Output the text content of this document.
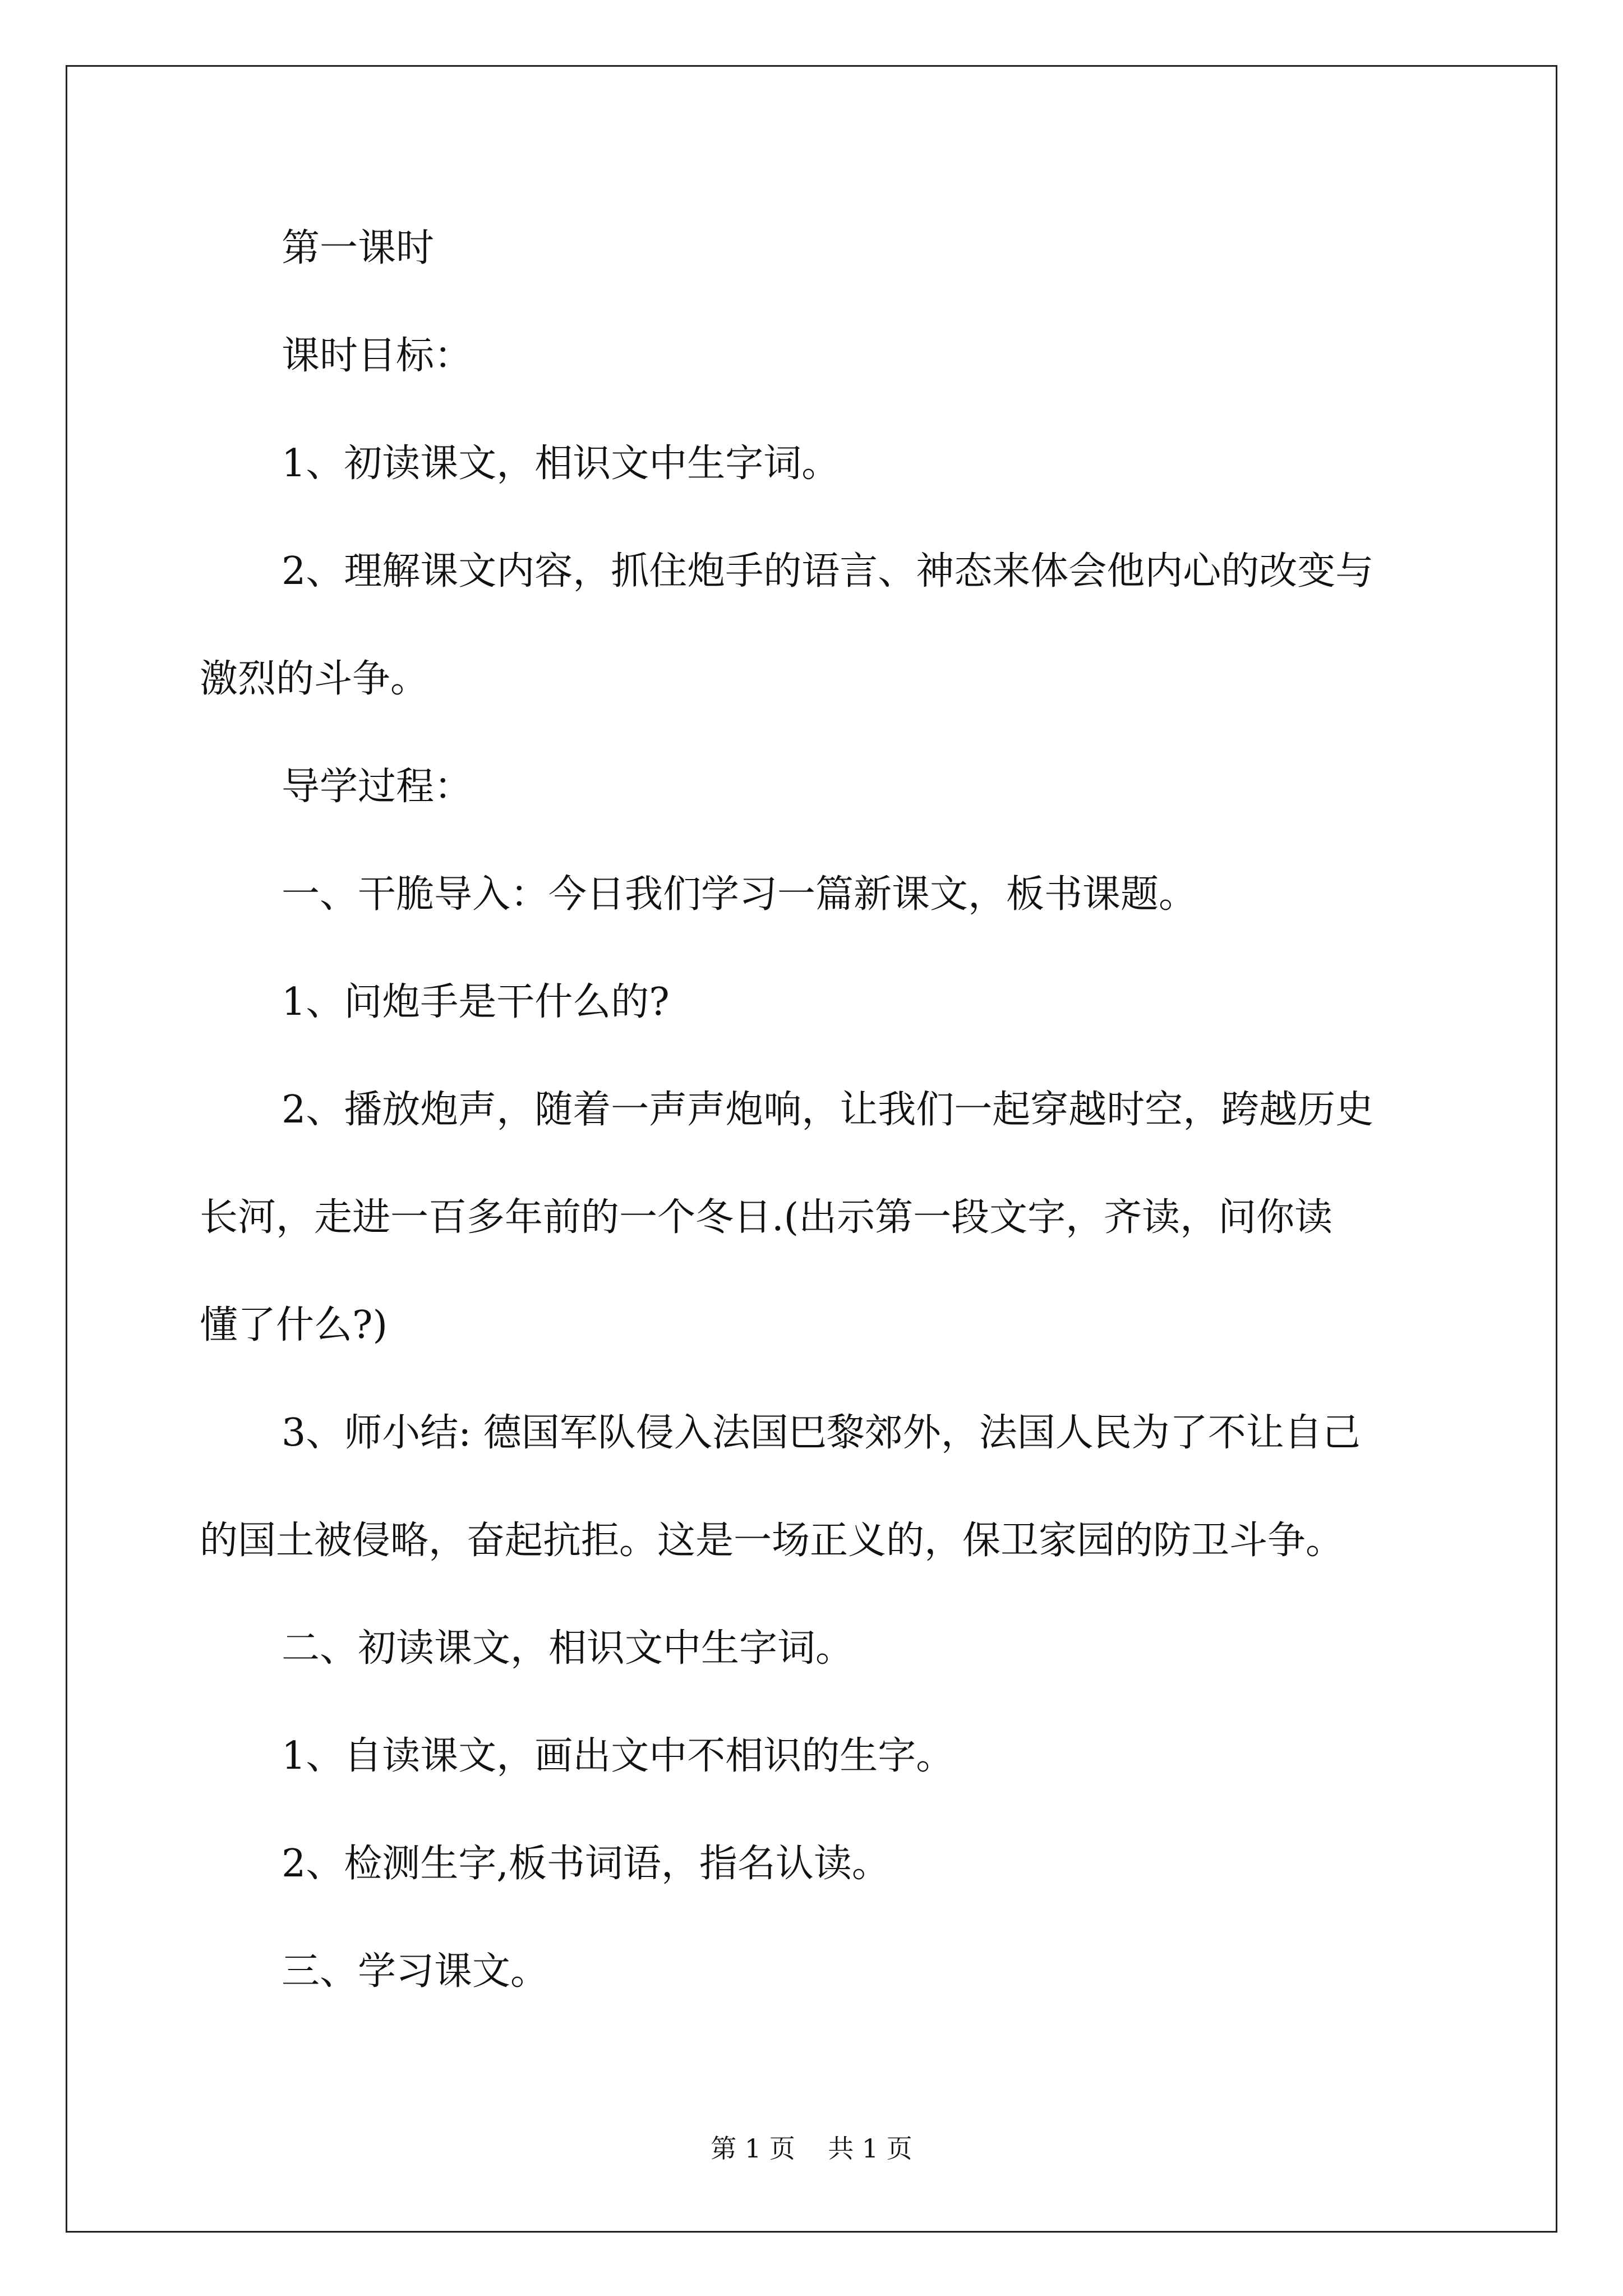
第一课时

课时目标：

1、初读课文，相识文中生字词。

2、理解课文内容，抓住炮手的语言、神态来体会他内心的改变与

激烈的斗争。

导学过程：

一、干脆导入：今日我们学习一篇新课文，板书课题。

1、问炮手是干什么的?

2、播放炮声，随着一声声炮响，让我们一起穿越时空，跨越历史

长河，走进一百多年前的一个冬日.(出示第一段文字，齐读，问你读

懂了什么?)

3、师小结: 德国军队侵入法国巴黎郊外，法国人民为了不让自己

的国土被侵略，奋起抗拒。这是一场正义的，保卫家园的防卫斗争。

二、初读课文，相识文中生字词。

1、自读课文，画出文中不相识的生字。

2、检测生字,板书词语，指名认读。

三、学习课文。

第 1 页    共 1 页
